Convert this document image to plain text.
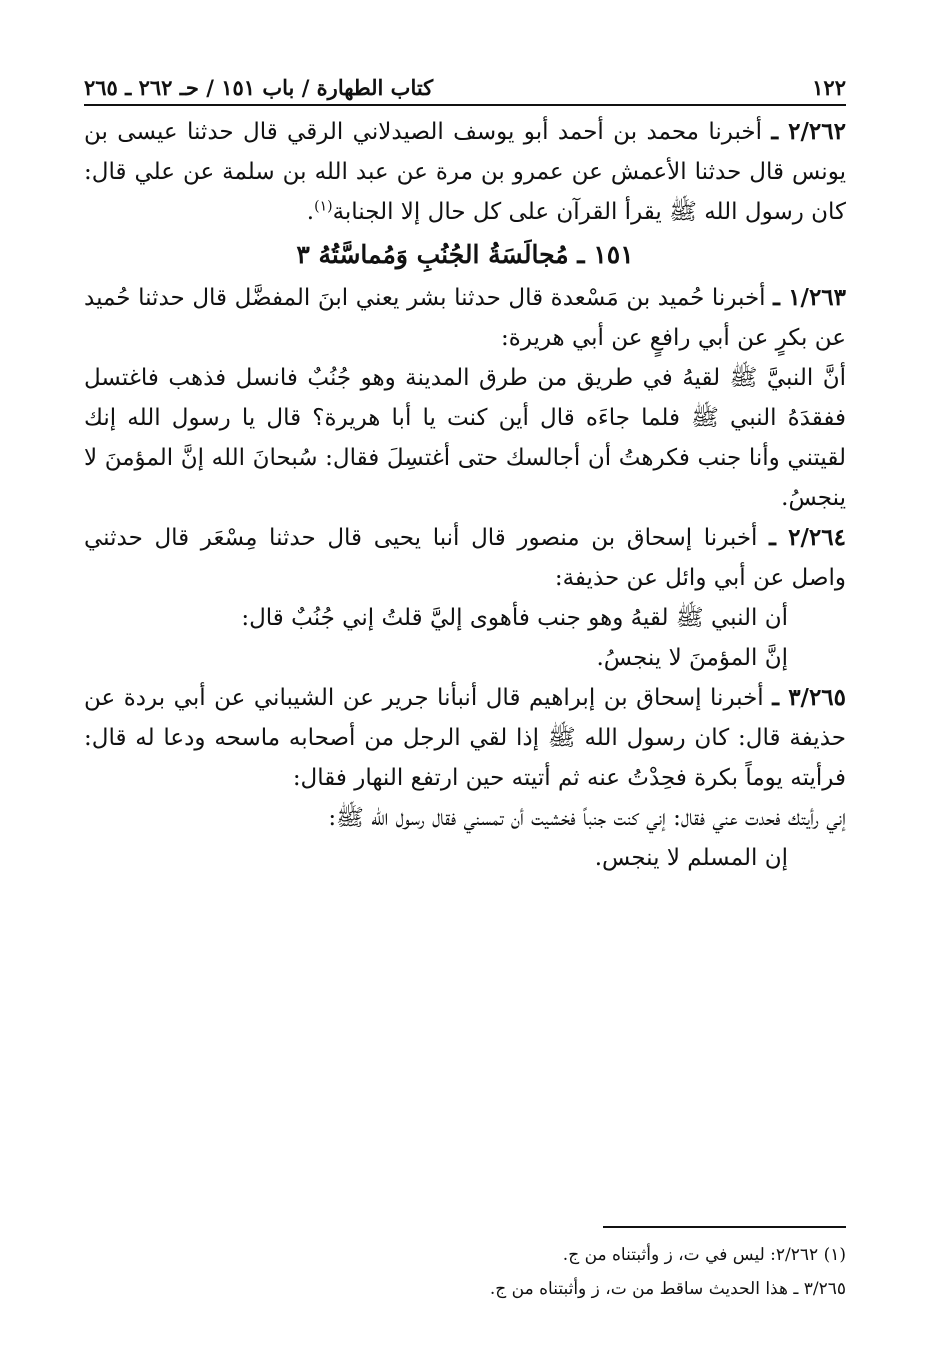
١٢٢
كتاب الطهارة / باب ١٥١ / حـ ٢٦٢ ـ ٢٦٥

٢/٢٦٢ ـ أخبرنا محمد بن أحمد أبو يوسف الصيدلاني الرقي قال حدثنا عيسى بن يونس قال حدثنا الأعمش عن عمرو بن مرة عن عبد الله بن سلمة عن علي قال: كان رسول الله ﷺ يقرأ القرآن على كل حال إلا الجنابة$^{(١)}$.

١٥١ ـ مُجالَسَةُ الجُنُبِ وَمُماسَّتُهُ ٣

١/٢٦٣ ـ أخبرنا حُميد بن مَسْعدة قال حدثنا بشر يعني ابنَ المفضَّل قال حدثنا حُميد عن بكرٍ عن أبي رافعٍ عن أبي هريرة:

أنَّ النبيَّ ﷺ لقيهُ في طريق من طرق المدينة وهو جُنُبٌ فانسل فذهب فاغتسل ففقدَهُ النبي ﷺ فلما جاءَه قال أين كنت يا أبا هريرة؟ قال يا رسول الله إنك لقيتني وأنا جنب فكرهتُ أن أجالسك حتى أغتسِلَ فقال: سُبحانَ الله إنَّ المؤمنَ لا ينجسُ.

٢/٢٦٤ ـ أخبرنا إسحاق بن منصور قال أنبا يحيى قال حدثنا مِسْعَر قال حدثني واصل عن أبي وائل عن حذيفة:

أن النبي ﷺ لقيهُ وهو جنب فأهوى إليَّ قلتُ إني جُنُبٌ قال:

إنَّ المؤمنَ لا ينجسُ.

٣/٢٦٥ ـ أخبرنا إسحاق بن إبراهيم قال أنبأنا جرير عن الشيباني عن أبي بردة عن حذيفة قال: كان رسول الله ﷺ إذا لقي الرجل من أصحابه ماسحه ودعا له قال: فرأيته يوماً بكرة فحِدْتُ عنه ثم أتيته حين ارتفع النهار فقال:

إني رأيتك فحدت عني فقال: إني كنت جنباً فخشيت أن تمسني فقال رسول الله ﷺ:

إن المسلم لا ينجس.

(١) ٢/٢٦٢: ليس في ت، ز وأثبتناه من ج.

٣/٢٦٥ ـ هذا الحديث ساقط من ت، ز وأثبتناه من ج.
